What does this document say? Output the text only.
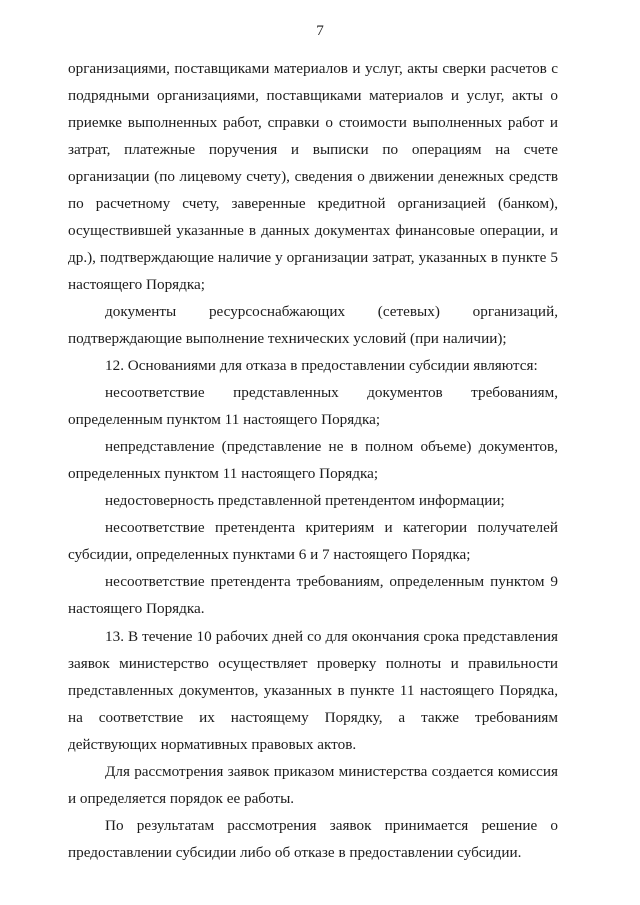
7
организациями, поставщиками материалов и услуг, акты сверки расчетов с
подрядными организациями, поставщиками материалов и услуг, акты о
приемке выполненных работ, справки о стоимости выполненных работ и
затрат, платежные поручения и выписки по операциям на счете
организации (по лицевому счету), сведения о движении денежных средств
по расчетному счету, заверенные кредитной организацией (банком),
осуществившей указанные в данных документах финансовые операции, и
др.), подтверждающие наличие у организации затрат, указанных в пункте 5
настоящего Порядка;
документы ресурсоснабжающих (сетевых) организаций,
подтверждающие выполнение технических условий (при наличии);
12. Основаниями для отказа в предоставлении субсидии являются:
несоответствие представленных документов требованиям,
определенным пунктом 11 настоящего Порядка;
непредставление (представление не в полном объеме) документов,
определенных пунктом 11 настоящего Порядка;
недостоверность представленной претендентом информации;
несоответствие претендента критериям и категории получателей
субсидии, определенных пунктами 6 и 7 настоящего Порядка;
несоответствие претендента требованиям, определенным пунктом 9
настоящего Порядка.
13. В течение 10 рабочих дней со для окончания срока представления
заявок министерство осуществляет проверку полноты и правильности
представленных документов, указанных в пункте 11 настоящего Порядка,
на соответствие их настоящему Порядку, а также требованиям
действующих нормативных правовых актов.
Для рассмотрения заявок приказом министерства создается комиссия
и определяется порядок ее работы.
По результатам рассмотрения заявок принимается решение о
предоставлении субсидии либо об отказе в предоставлении субсидии.
